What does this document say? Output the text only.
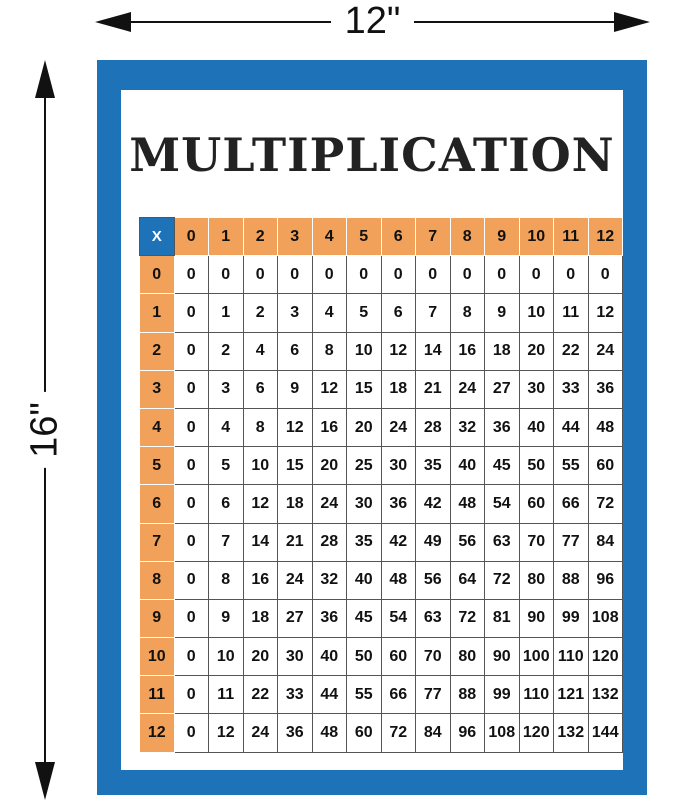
12"
16"
MULTIPLICATION
X	0	1	2	3	4	5	6	7	8	9	10	11	12
0	0	0	0	0	0	0	0	0	0	0	0	0	0
1	0	1	2	3	4	5	6	7	8	9	10	11	12
2	0	2	4	6	8	10	12	14	16	18	20	22	24
3	0	3	6	9	12	15	18	21	24	27	30	33	36
4	0	4	8	12	16	20	24	28	32	36	40	44	48
5	0	5	10	15	20	25	30	35	40	45	50	55	60
6	0	6	12	18	24	30	36	42	48	54	60	66	72
7	0	7	14	21	28	35	42	49	56	63	70	77	84
8	0	8	16	24	32	40	48	56	64	72	80	88	96
9	0	9	18	27	36	45	54	63	72	81	90	99	108
10	0	10	20	30	40	50	60	70	80	90	100	110	120
11	0	11	22	33	44	55	66	77	88	99	110	121	132
12	0	12	24	36	48	60	72	84	96	108	120	132	144
